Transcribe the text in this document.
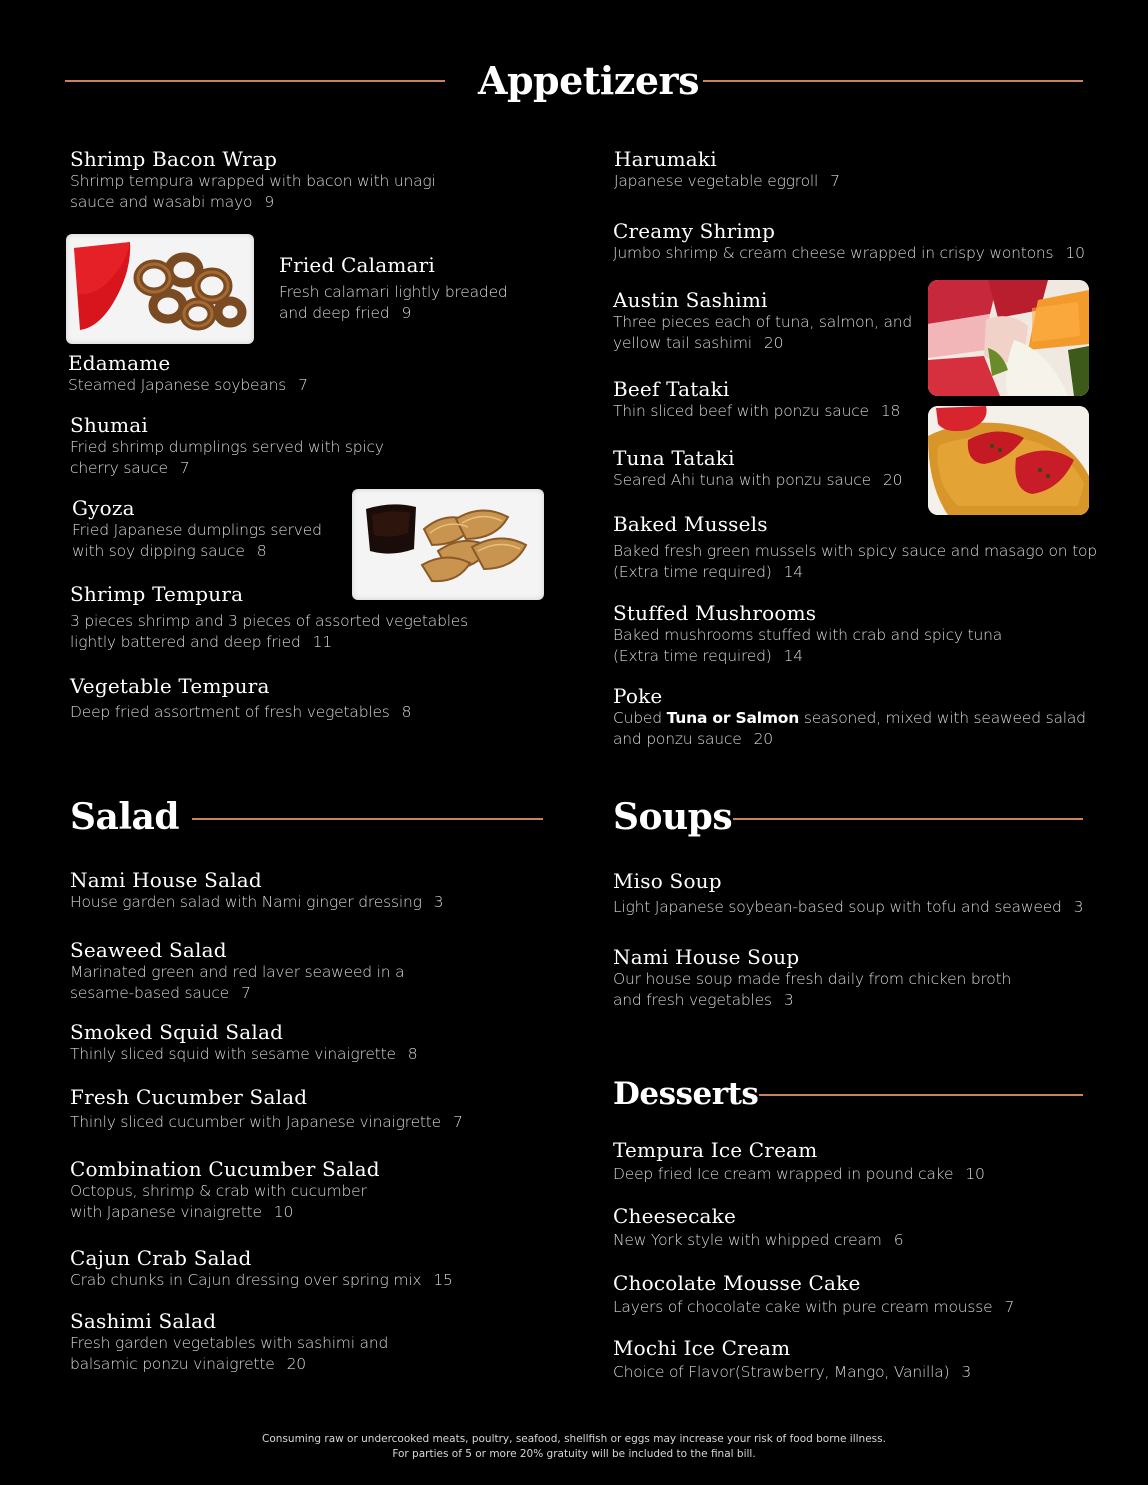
Appetizers
Shrimp Bacon Wrap
Shrimp tempura wrapped with bacon with unagi
sauce and wasabi mayo 9
Fried Calamari
Fresh calamari lightly breaded
and deep fried 9
Edamame
Steamed Japanese soybeans 7
Shumai
Fried shrimp dumplings served with spicy
cherry sauce 7
Gyoza
Fried Japanese dumplings served
with soy dipping sauce 8
Shrimp Tempura
3 pieces shrimp and 3 pieces of assorted vegetables
lightly battered and deep fried 11
Vegetable Tempura
Deep fried assortment of fresh vegetables 8
Harumaki
Japanese vegetable eggroll 7
Creamy Shrimp
Jumbo shrimp & cream cheese wrapped in crispy wontons 10
Austin Sashimi
Three pieces each of tuna, salmon, and
yellow tail sashimi 20
Beef Tataki
Thin sliced beef with ponzu sauce 18
Tuna Tataki
Seared Ahi tuna with ponzu sauce 20
Baked Mussels
Baked fresh green mussels with spicy sauce and masago on top
(Extra time required) 14
Stuffed Mushrooms
Baked mushrooms stuffed with crab and spicy tuna
(Extra time required) 14
Poke
Cubed Tuna or Salmon seasoned, mixed with seaweed salad
and ponzu sauce 20
Salad
Nami House Salad
House garden salad with Nami ginger dressing 3
Seaweed Salad
Marinated green and red laver seaweed in a
sesame-based sauce 7
Smoked Squid Salad
Thinly sliced squid with sesame vinaigrette 8
Fresh Cucumber Salad
Thinly sliced cucumber with Japanese vinaigrette 7
Combination Cucumber Salad
Octopus, shrimp & crab with cucumber
with Japanese vinaigrette 10
Cajun Crab Salad
Crab chunks in Cajun dressing over spring mix 15
Sashimi Salad
Fresh garden vegetables with sashimi and
balsamic ponzu vinaigrette 20
Soups
Miso Soup
Light Japanese soybean-based soup with tofu and seaweed 3
Nami House Soup
Our house soup made fresh daily from chicken broth
and fresh vegetables 3
Desserts
Tempura Ice Cream
Deep fried Ice cream wrapped in pound cake 10
Cheesecake
New York style with whipped cream 6
Chocolate Mousse Cake
Layers of chocolate cake with pure cream mousse 7
Mochi Ice Cream
Choice of Flavor(Strawberry, Mango, Vanilla) 3
Consuming raw or undercooked meats, poultry, seafood, shellfish or eggs may increase your risk of food borne illness.
For parties of 5 or more 20% gratuity will be included to the final bill.
